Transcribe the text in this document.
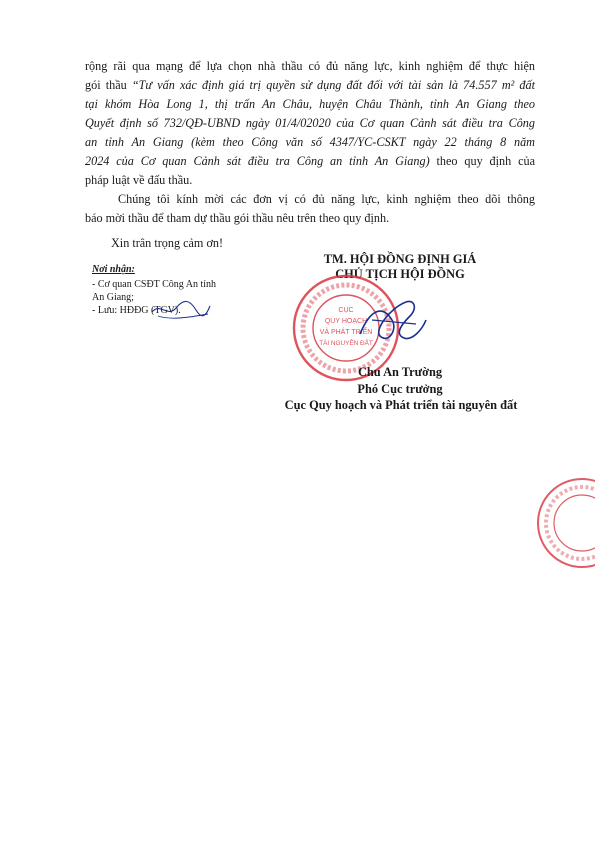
rộng rãi qua mạng để lựa chọn nhà thầu có đủ năng lực, kinh nghiệm để thực hiện
gói thầu “Tư vấn xác định giá trị quyền sử dụng đất đối với tài sản là 74.557 m² đất
tại khóm Hòa Long 1, thị trấn An Châu, huyện Châu Thành, tỉnh An Giang theo
Quyết định số 732/QĐ-UBND ngày 01/4/02020 của Cơ quan Cảnh sát điều tra Công
an tỉnh An Giang (kèm theo Công văn số 4347/YC-CSKT ngày 22 tháng 8 năm
2024 của Cơ quan Cảnh sát điều tra Công an tỉnh An Giang) theo quy định của
pháp luật về đấu thầu.
Chúng tôi kính mời các đơn vị có đủ năng lực, kinh nghiệm theo dõi thông
báo mời thầu để tham dự thầu gói thầu nêu trên theo quy định.
Xin trân trọng cảm ơn!
Nơi nhận:
- Cơ quan CSĐT Công An tỉnh
An Giang;
- Lưu: HĐĐG (TGV).
TM. HỘI ĐỒNG ĐỊNH GIÁ
CHỦ TỊCH HỘI ĐỒNG
CỤC
QUY HOẠCH
VÀ PHÁT TRIỂN
TÀI NGUYÊN ĐẤT
Chu An Trường
Phó Cục trưởng
Cục Quy hoạch và Phát triển tài nguyên đất
